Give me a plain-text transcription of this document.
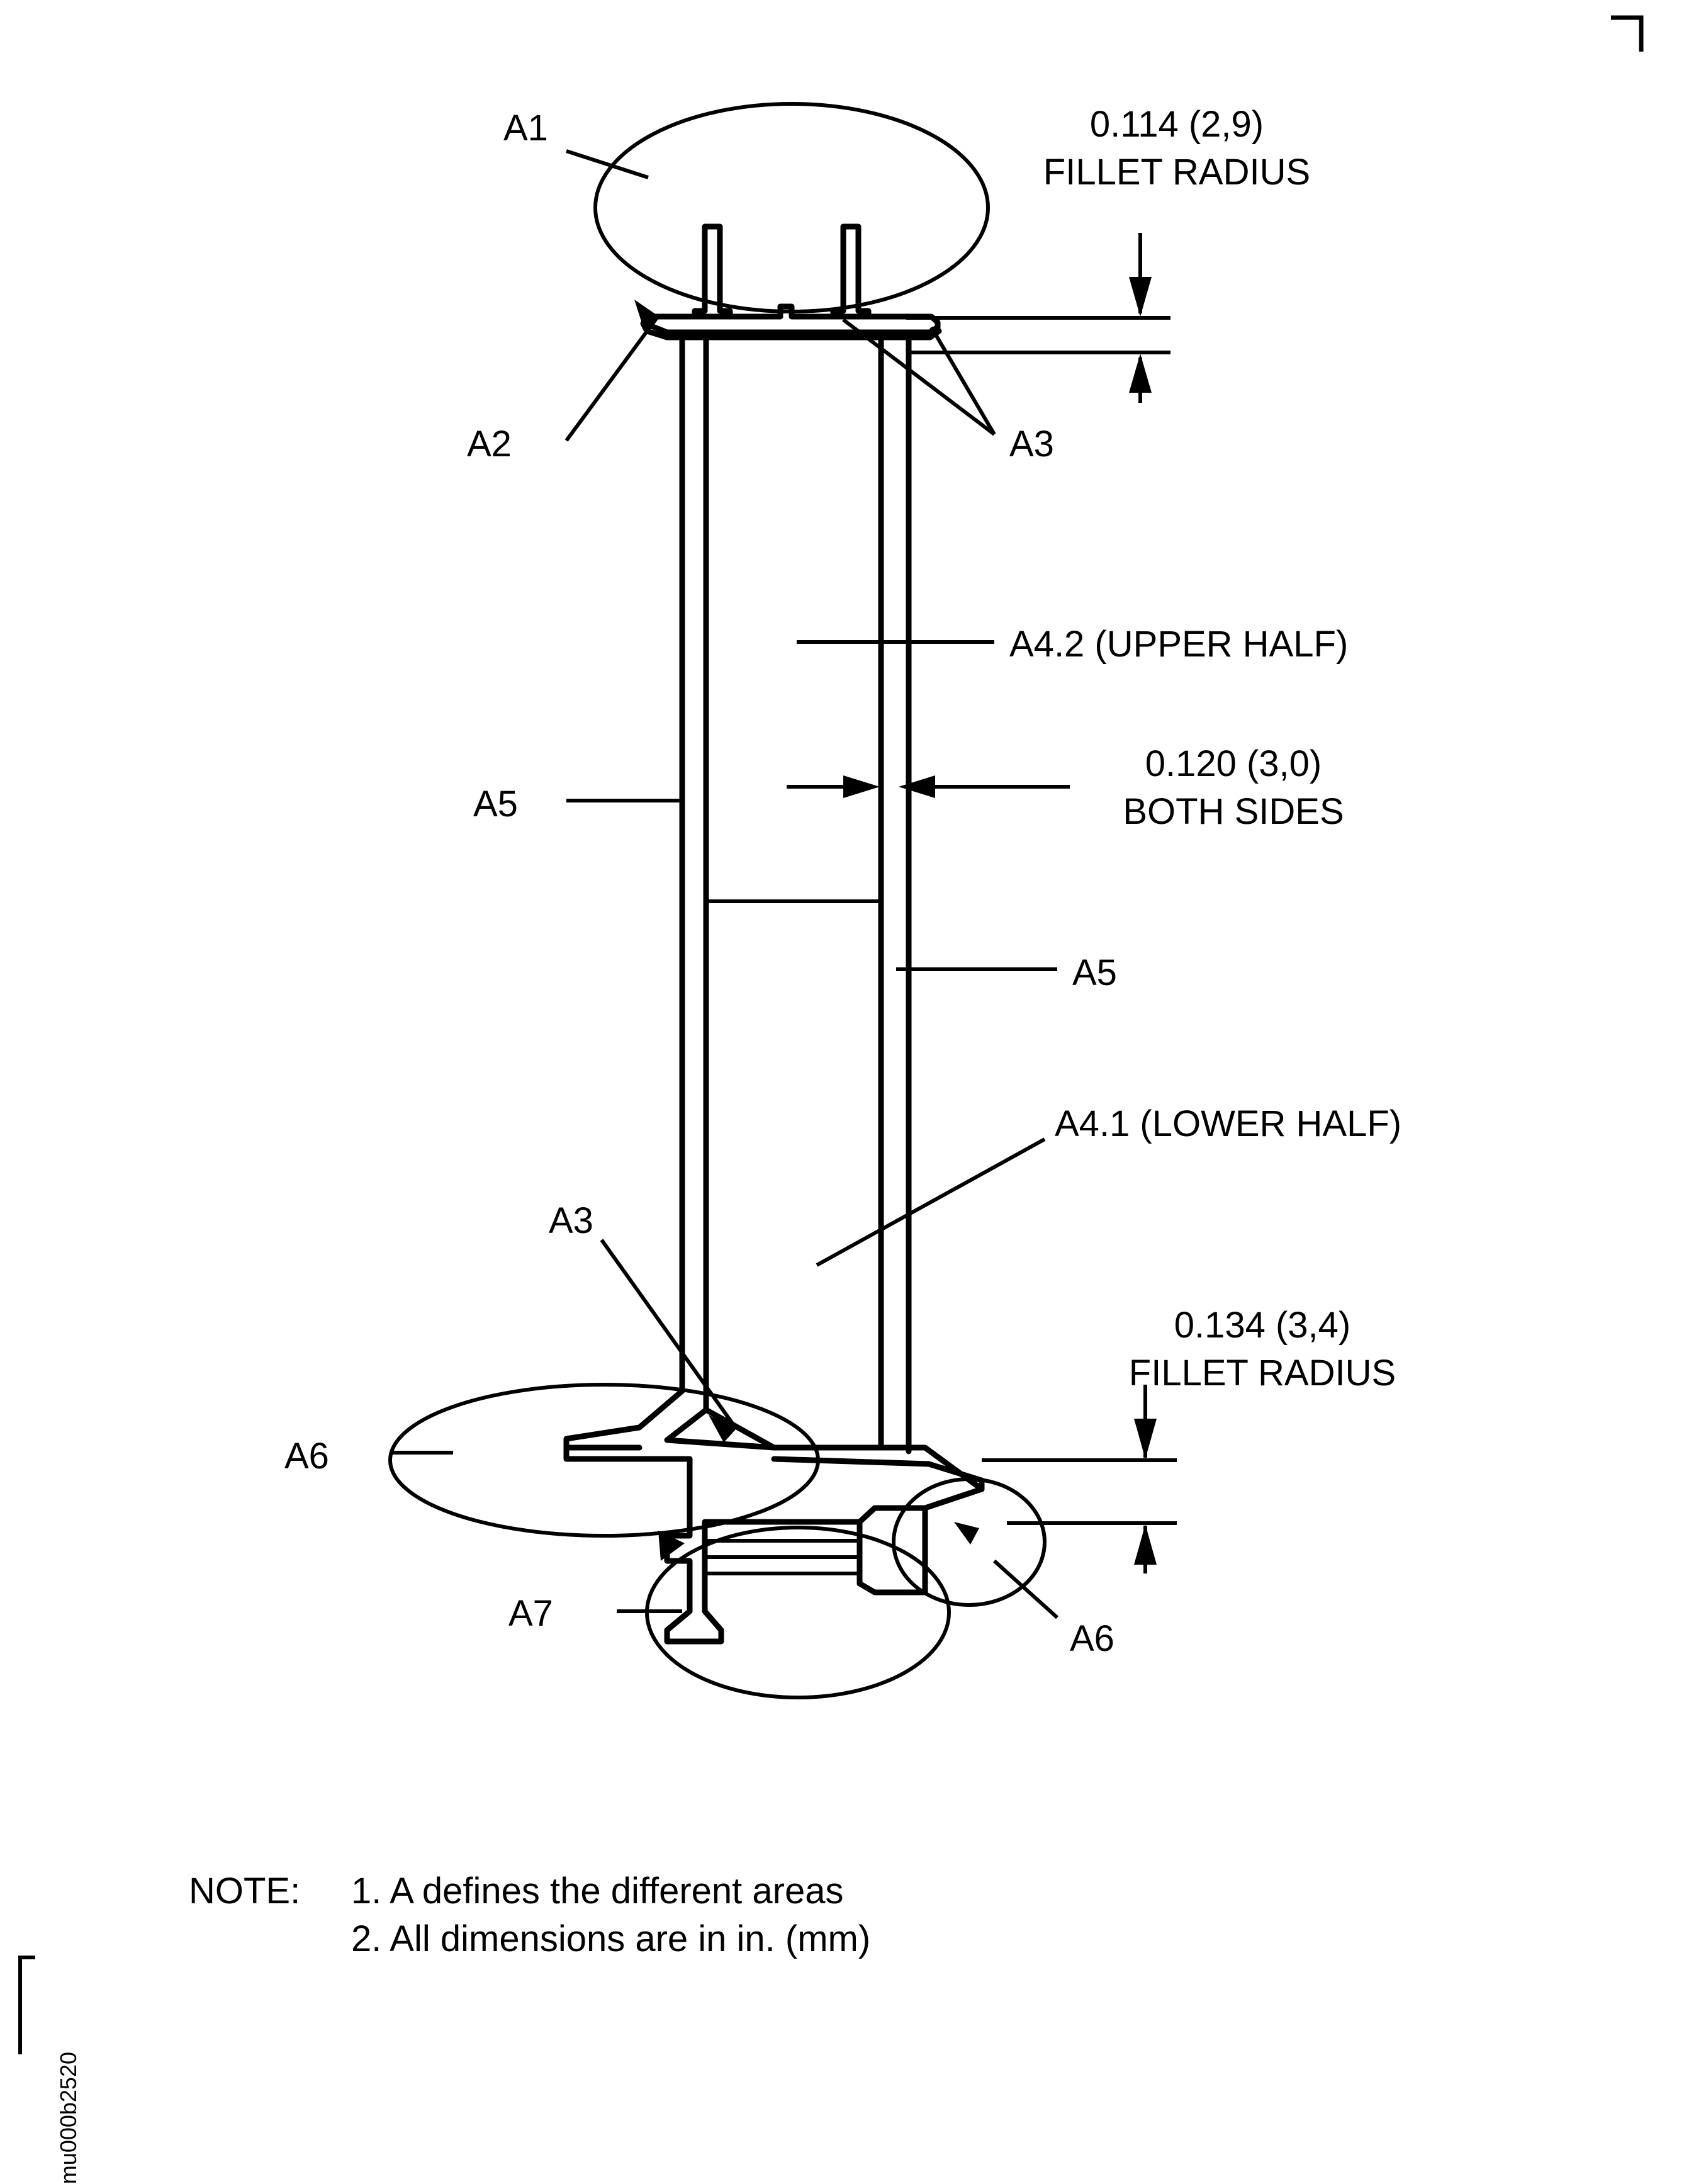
A1
A2	A3
A5
A4.2 (UPPER HALF)
A5
A4.1 (LOWER HALF)
A3
A6
A6
A7
0.114 (2,9)
FILLET RADIUS
0.120 (3,0)
BOTH SIDES
0.134 (3,4)
FILLET RADIUS
NOTE: 1. A defines the different areas
2. All dimensions are in in. (mm)
mu000b2520
